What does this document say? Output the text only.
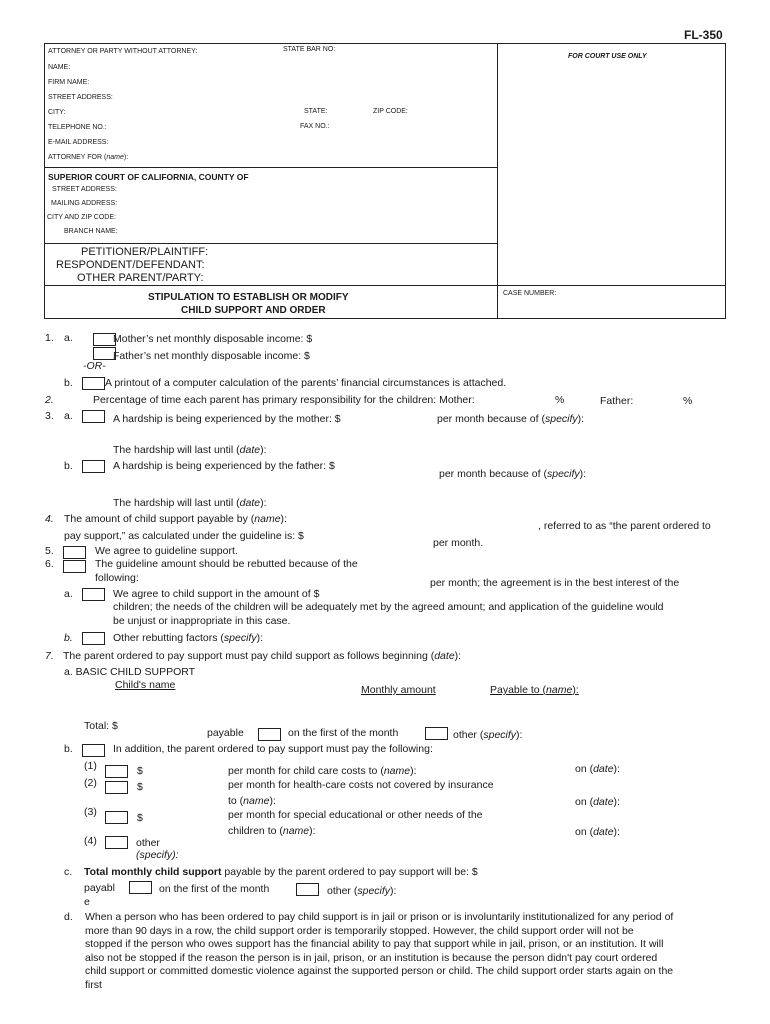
FL-350
ATTORNEY OR PARTY WITHOUT ATTORNEY:	STATE BAR NO:
FOR COURT USE ONLY
NAME:
FIRM NAME:
STREET ADDRESS:
CITY:	STATE:	ZIP CODE:
TELEPHONE NO.:	FAX NO.:
E-MAIL ADDRESS:
ATTORNEY FOR (name):
SUPERIOR COURT OF CALIFORNIA, COUNTY OF
STREET ADDRESS:
MAILING ADDRESS:
CITY AND ZIP CODE:
BRANCH NAME:
PETITIONER/PLAINTIFF:
RESPONDENT/DEFENDANT:
OTHER PARENT/PARTY:
STIPULATION TO ESTABLISH OR MODIFY
CHILD SUPPORT AND ORDER
CASE NUMBER:
1. a.	Mother’s net monthly disposable income: $
Father’s net monthly disposable income: $
-OR-
b.	A printout of a computer calculation of the parents’ financial circumstances is attached.
2.	Percentage of time each parent has primary responsibility for the children: Mother:	%	Father:	%
3. a.	A hardship is being experienced by the mother: $	per month because of (specify):
The hardship will last until (date):
b.	A hardship is being experienced by the father: $
per month because of (specify):
The hardship will last until (date):
4. The amount of child support payable by (name):
, referred to as “the parent ordered to
pay support,” as calculated under the guideline is: $
per month.
5.	We agree to guideline support.
6.	The guideline amount should be rebutted because of the
following:	per month; the agreement is in the best interest of the
a.	We agree to child support in the amount of $
children; the needs of the children will be adequately met by the agreed amount; and application of the guideline would
be unjust or inappropriate in this case.
b.	Other rebutting factors (specify):
7. The parent ordered to pay support must pay child support as follows beginning (date):
a. BASIC CHILD SUPPORT
Child's name	Monthly amount	Payable to (name):
Total: $
payable	on the first of the month	other (specify):
b.	In addition, the parent ordered to pay support must pay the following:
(1)	$	per month for child care costs to (name):	on (date):
(2)	$	per month for health-care costs not covered by insurance
to (name):	on (date):
(3)	$	per month for special educational or other needs of the
children to (name):	on (date):
(4)	other
(specify):
c. Total monthly child support payable by the parent ordered to pay support will be: $
payabl
e
on the first of the month	other (specify):
d. When a person who has been ordered to pay child support is in jail or prison or is involuntarily institutionalized for any period of
more than 90 days in a row, the child support order is temporarily stopped. However, the child support order will not be
stopped if the person who owes support has the financial ability to pay that support while in jail, prison, or an institution. It will
also not be stopped if the reason the person is in jail, prison, or an institution is because the person didn't pay court ordered
child support or committed domestic violence against the supported person or child. The child support order starts again on the
first
